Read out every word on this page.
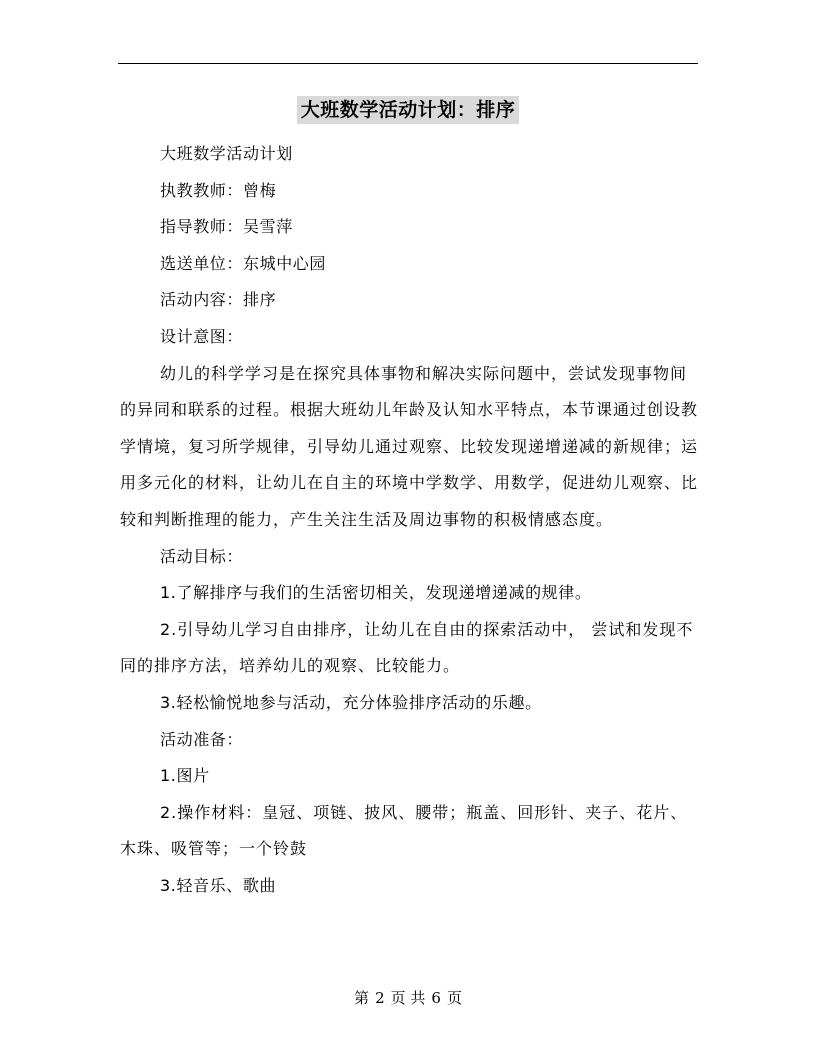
大班数学活动计划：排序

大班数学活动计划

执教教师：曾梅

指导教师：吴雪萍

选送单位：东城中心园

活动内容：排序

设计意图：

幼儿的科学学习是在探究具体事物和解决实际问题中，尝试发现事物间的异同和联系的过程。根据大班幼儿年龄及认知水平特点，本节课通过创设教学情境，复习所学规律，引导幼儿通过观察、比较发现递增递减的新规律；运用多元化的材料，让幼儿在自主的环境中学数学、用数学，促进幼儿观察、比较和判断推理的能力，产生关注生活及周边事物的积极情感态度。

活动目标：

1.了解排序与我们的生活密切相关，发现递增递减的规律。

2.引导幼儿学习自由排序，让幼儿在自由的探索活动中， 尝试和发现不同的排序方法，培养幼儿的观察、比较能力。

3.轻松愉悦地参与活动，充分体验排序活动的乐趣。

活动准备：

1.图片

2.操作材料：皇冠、项链、披风、腰带；瓶盖、回形针、夹子、花片、木珠、吸管等；一个铃鼓

3.轻音乐、歌曲

第 2 页 共 6 页
